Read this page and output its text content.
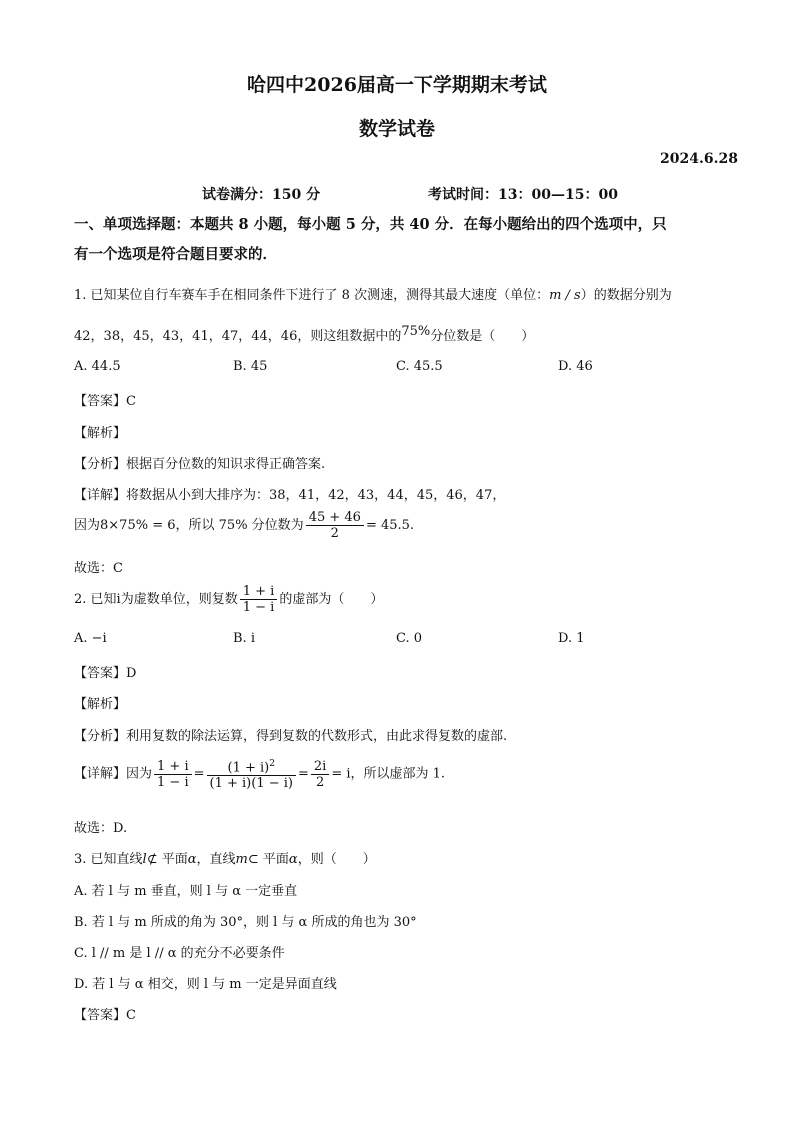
哈四中2026届高一下学期期末考试
数学试卷
2024.6.28
试卷满分：150 分	考试时间：13：00—15：00
一、单项选择题：本题共 8 小题，每小题 5 分，共 40 分．在每小题给出的四个选项中，只
有一个选项是符合题目要求的．
1. 已知某位自行车赛车手在相同条件下进行了 8 次测速，测得其最大速度（单位：m / s）的数据分别为
42，38，45，43，41，47，44，46，则这组数据中的75%分位数是（　　）
A. 44.5	B. 45	C. 45.5	D. 46
【答案】C
【解析】
【分析】根据百分位数的知识求得正确答案.
【详解】将数据从小到大排序为：38，41，42，43，44，45，46，47，
因为8×75% = 6，所以 75% 分位数为 $\frac{45 + 46}{2} = 45.5$.
故选：C
2. 已知i为虚数单位，则复数 $\frac{1 + i}{1 - i}$ 的虚部为（　　）
A. −i	B. i	C. 0	D. 1
【答案】D
【解析】
【分析】利用复数的除法运算，得到复数的代数形式，由此求得复数的虚部.
【详解】因为 $\frac{1 + i}{1 - i} = \frac{(1 + i)^2}{(1 + i)(1 - i)} = \frac{2i}{2} = i$，所以虚部为 1.
故选：D.
3. 已知直线l⊄ 平面α，直线m⊂ 平面α，则（　　）
A. 若 l 与 m 垂直，则 l 与 α 一定垂直
B. 若 l 与 m 所成的角为 30°，则 l 与 α 所成的角也为 30°
C. l // m 是 l // α 的充分不必要条件
D. 若 l 与 α 相交，则 l 与 m 一定是异面直线
【答案】C
